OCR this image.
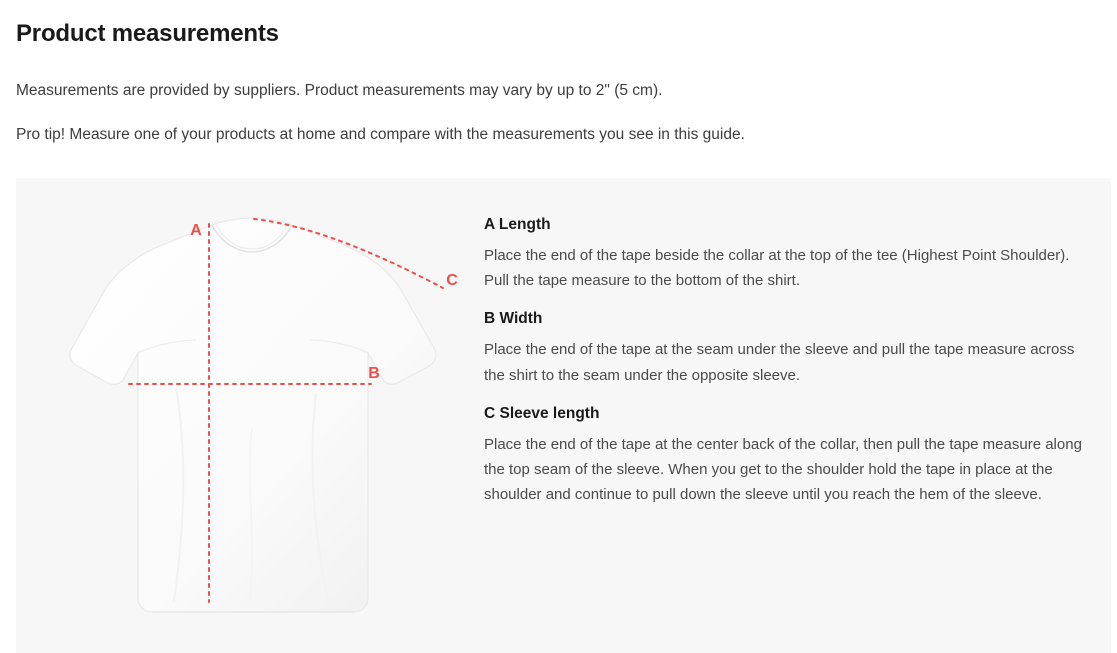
Product measurements

Measurements are provided by suppliers. Product measurements may vary by up to 2" (5 cm).

Pro tip! Measure one of your products at home and compare with the measurements you see in this guide.

A
B
C
A Length

Place the end of the tape beside the collar at the top of the tee (Highest Point Shoulder). Pull the tape measure to the bottom of the shirt.

B Width

Place the end of the tape at the seam under the sleeve and pull the tape measure across the shirt to the seam under the opposite sleeve.

C Sleeve length

Place the end of the tape at the center back of the collar, then pull the tape measure along the top seam of the sleeve. When you get to the shoulder hold the tape in place at the shoulder and continue to pull down the sleeve until you reach the hem of the sleeve.
